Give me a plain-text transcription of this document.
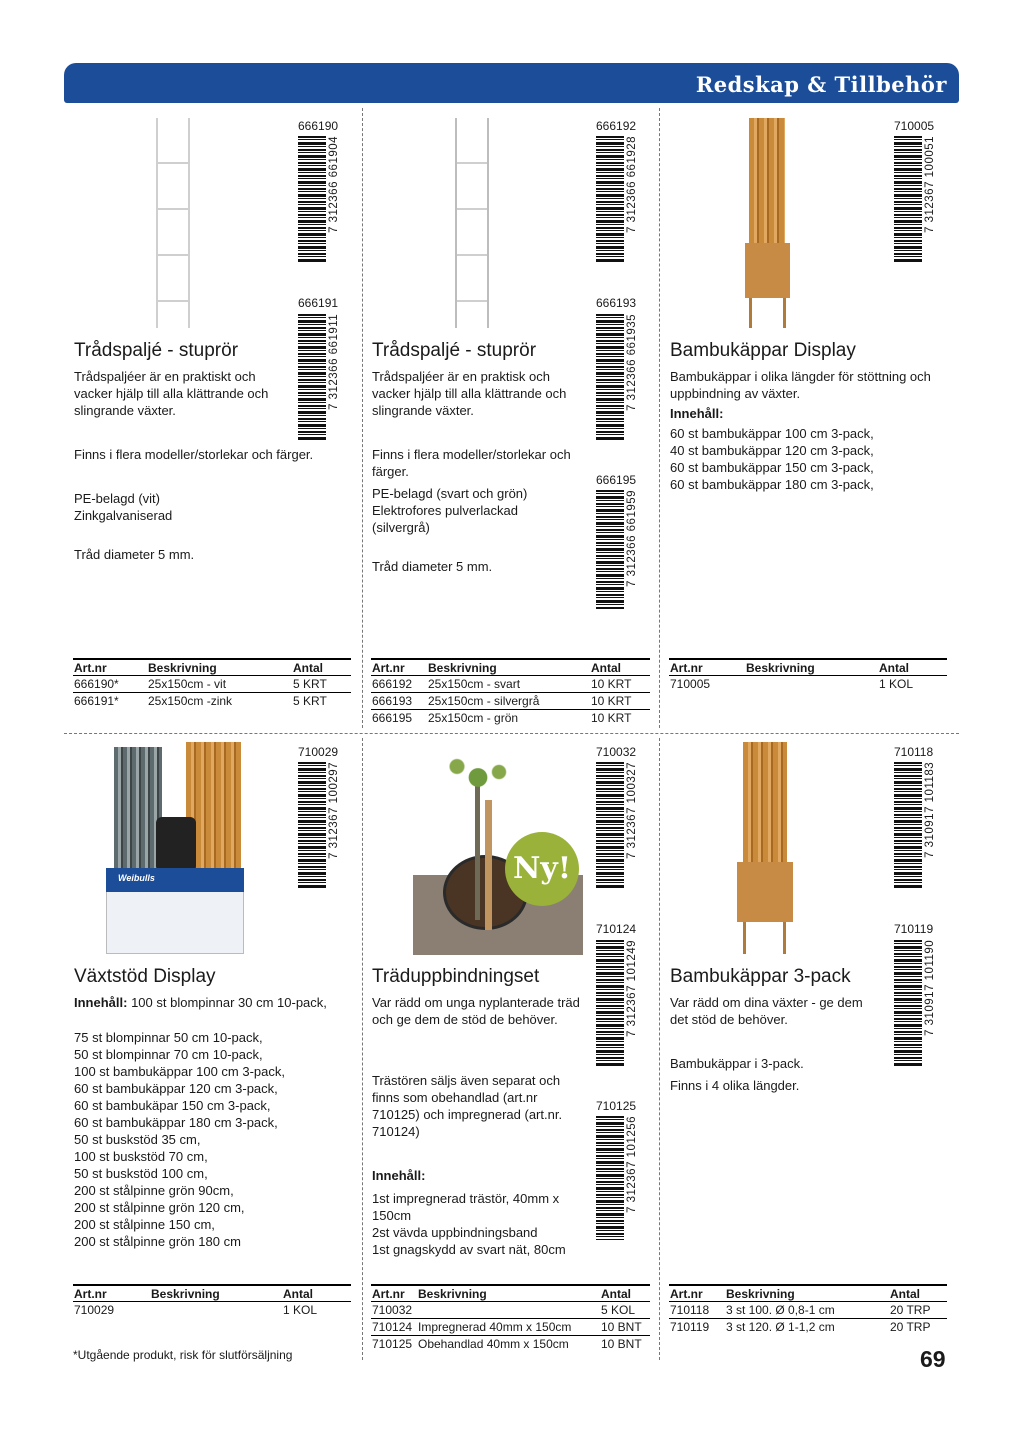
Redskap & Tillbehör
666190
7 312366 661904
666191
7 312366 661911
Trådspaljé - stuprör
Trådspaljéer är en praktiskt och vacker hjälp till alla klättrande och slingrande växter.
Finns i flera modeller/storlekar och färger.
PE-belagd (vit)
Zinkgalvaniserad
Tråd diameter 5 mm.
666192
7 312366 661928
666193
7 312366 661935
666195
7 312366 661959
Trådspaljé - stuprör
Trådspaljéer är en praktisk och vacker hjälp till alla klättrande och slingrande växter.
Finns i flera modeller/storlekar och färger.
PE-belagd (svart och grön) Elektrofores pulverlackad (silvergrå)
Tråd diameter 5 mm.
710005
7 312367 100051
Bambukäppar Display
Bambukäppar i olika längder för stöttning och uppbindning av växter.
Innehåll:
60 st bambukäppar 100 cm 3-pack,
40 st bambukäppar 120 cm 3-pack,
60 st bambukäppar 150 cm 3-pack,
60 st bambukäppar 180 cm 3-pack,
Art.nr	Beskrivning	Antal
666190* 25x150cm - vit	5 KRT
666191* 25x150cm -zink	5 KRT
Art.nr Beskrivning	Antal
666192 25x150cm - svart	10 KRT
666193 25x150cm - silvergrå	10 KRT
666195 25x150cm - grön	10 KRT
Art.nr	Beskrivning	Antal
710005	1 KOL
Weibulls
710029
7 312367 100297
Växtstöd Display
Innehåll: 100 st blompinnar 30 cm 10-pack,
75 st blompinnar 50 cm 10-pack,
50 st blompinnar 70 cm 10-pack,
100 st bambukäppar 100 cm 3-pack,
60 st bambukäppar 120 cm 3-pack,
60 st bambukäpar 150 cm 3-pack,
60 st bambukäppar 180 cm 3-pack,
50 st buskstöd 35 cm,
100 st buskstöd 70 cm,
50 st buskstöd 100 cm,
200 st stålpinne grön 90cm,
200 st stålpinne grön 120 cm,
200 st stålpinne 150 cm,
200 st stålpinne grön 180 cm
Ny!
710032
7 312367 100327
710124
7 312367 101249
710125
7 312367 101256
Träduppbindningset
Var rädd om unga nyplanterade träd och ge dem de stöd de behöver.
Trästören säljs även separat och finns som obehandlad (art.nr 710125) och impregnerad (art.nr. 710124)
Innehåll:
1st impregnerad trästör, 40mm x 150cm
2st vävda uppbindningsband
1st gnagskydd av svart nät, 80cm
710118
7 310917 101183
710119
7 310917 101190
Bambukäppar 3-pack
Var rädd om dina växter - ge dem det stöd de behöver.
Bambukäppar i 3-pack.
Finns i 4 olika längder.
Art.nr	Beskrivning	Antal
710029	1 KOL
Art.nr Beskrivning	Antal
710032	5 KOL
710124 Impregnerad 40mm x 150cm 10 BNT
710125 Obehandlad 40mm x 150cm	10 BNT
Art.nr Beskrivning	Antal
710118 3 st 100. Ø 0,8-1 cm	20 TRP
710119 3 st 120. Ø 1-1,2 cm	20 TRP
*Utgående produkt, risk för slutförsäljning	69
